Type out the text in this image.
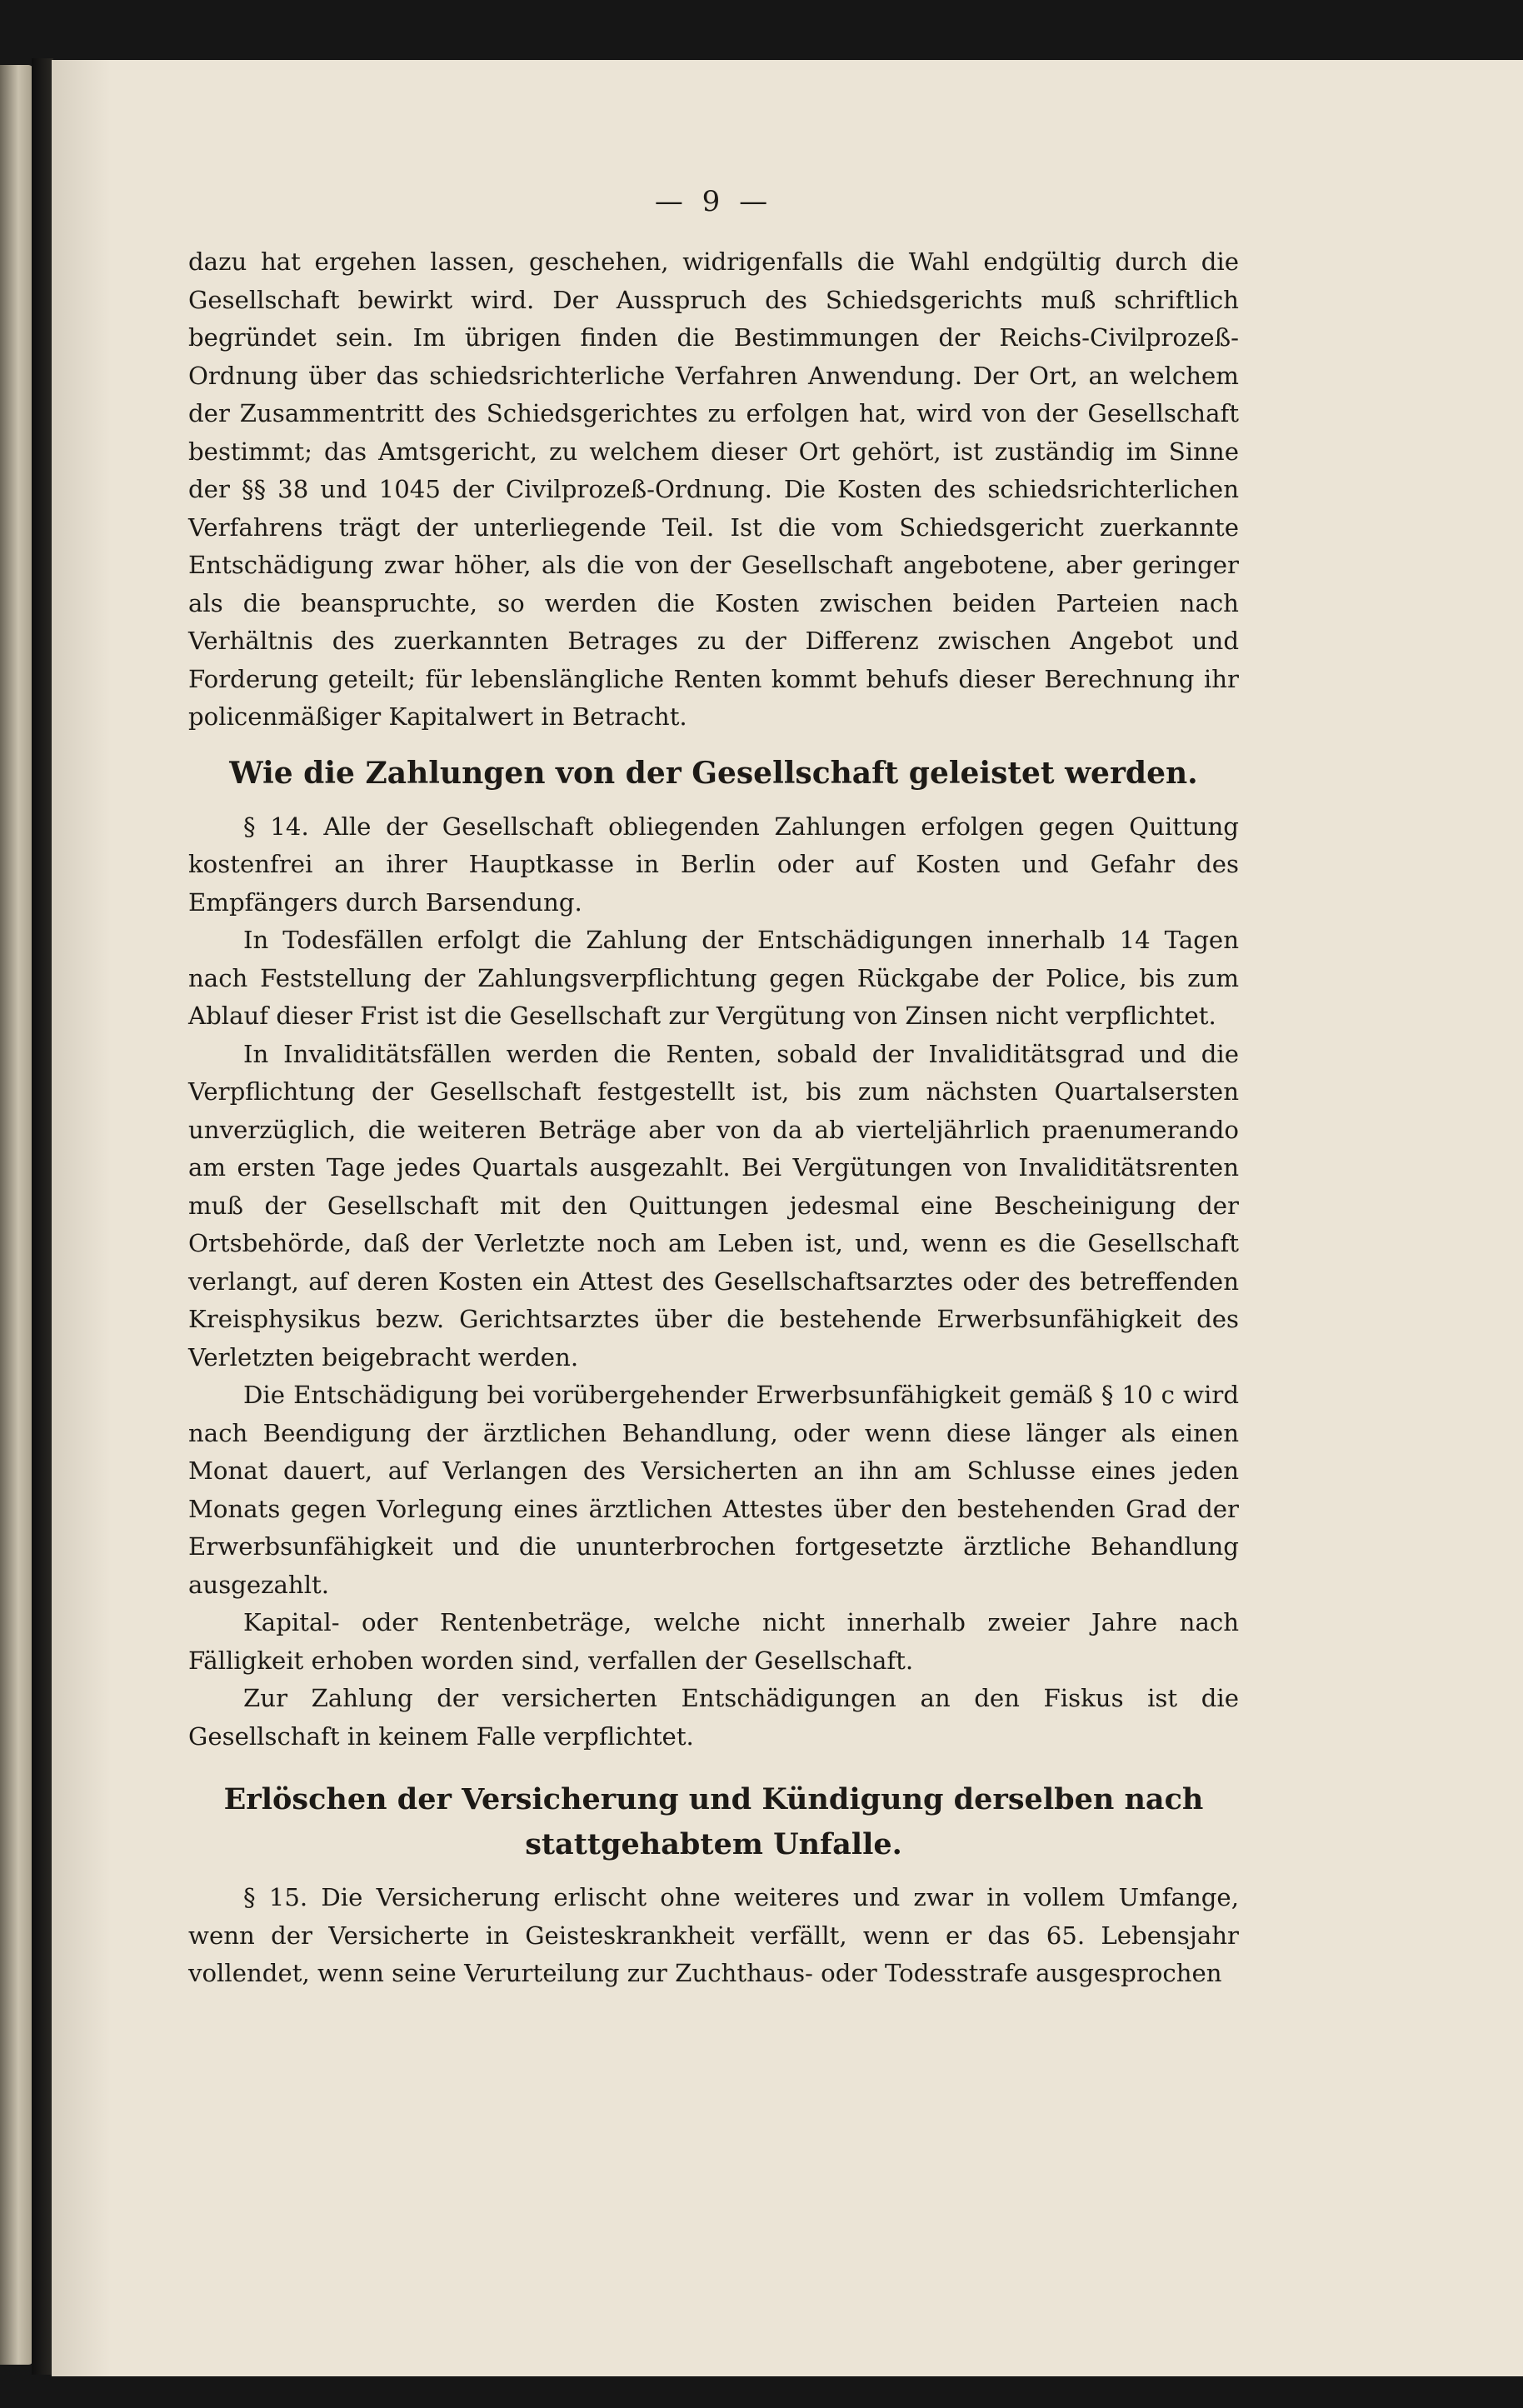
— 9 —

dazu hat ergehen lassen, geschehen, widrigenfalls die Wahl endgültig durch die Gesellschaft bewirkt wird. Der Ausspruch des Schiedsgerichts muß schriftlich begründet sein. Im übrigen finden die Bestimmungen der Reichs-Civilprozeß-Ordnung über das schiedsrichterliche Verfahren Anwendung. Der Ort, an welchem der Zusammentritt des Schiedsgerichtes zu erfolgen hat, wird von der Gesellschaft bestimmt; das Amtsgericht, zu welchem dieser Ort gehört, ist zuständig im Sinne der §§ 38 und 1045 der Civilprozeß-Ordnung. Die Kosten des schiedsrichterlichen Verfahrens trägt der unterliegende Teil. Ist die vom Schiedsgericht zuerkannte Entschädigung zwar höher, als die von der Gesellschaft angebotene, aber geringer als die beanspruchte, so werden die Kosten zwischen beiden Parteien nach Verhältnis des zuerkannten Betrages zu der Differenz zwischen Angebot und Forderung geteilt; für lebenslängliche Renten kommt behufs dieser Berechnung ihr policenmäßiger Kapitalwert in Betracht.

Wie die Zahlungen von der Gesellschaft geleistet werden.

§ 14. Alle der Gesellschaft obliegenden Zahlungen erfolgen gegen Quittung kostenfrei an ihrer Hauptkasse in Berlin oder auf Kosten und Gefahr des Empfängers durch Barsendung.

In Todesfällen erfolgt die Zahlung der Entschädigungen innerhalb 14 Tagen nach Feststellung der Zahlungsverpflichtung gegen Rückgabe der Police, bis zum Ablauf dieser Frist ist die Gesellschaft zur Vergütung von Zinsen nicht verpflichtet.

In Invaliditätsfällen werden die Renten, sobald der Invaliditätsgrad und die Verpflichtung der Gesellschaft festgestellt ist, bis zum nächsten Quartalsersten unverzüglich, die weiteren Beträge aber von da ab vierteljährlich praenumerando am ersten Tage jedes Quartals ausgezahlt. Bei Vergütungen von Invaliditätsrenten muß der Gesellschaft mit den Quittungen jedesmal eine Bescheinigung der Ortsbehörde, daß der Verletzte noch am Leben ist, und, wenn es die Gesellschaft verlangt, auf deren Kosten ein Attest des Gesellschaftsarztes oder des betreffenden Kreisphysikus bezw. Gerichtsarztes über die bestehende Erwerbsunfähigkeit des Verletzten beigebracht werden.

Die Entschädigung bei vorübergehender Erwerbsunfähigkeit gemäß § 10 c wird nach Beendigung der ärztlichen Behandlung, oder wenn diese länger als einen Monat dauert, auf Verlangen des Versicherten an ihn am Schlusse eines jeden Monats gegen Vorlegung eines ärztlichen Attestes über den bestehenden Grad der Erwerbsunfähigkeit und die ununterbrochen fortgesetzte ärztliche Behandlung ausgezahlt.

Kapital- oder Rentenbeträge, welche nicht innerhalb zweier Jahre nach Fälligkeit erhoben worden sind, verfallen der Gesellschaft.

Zur Zahlung der versicherten Entschädigungen an den Fiskus ist die Gesellschaft in keinem Falle verpflichtet.

Erlöschen der Versicherung und Kündigung derselben nach
stattgehabtem Unfalle.

§ 15. Die Versicherung erlischt ohne weiteres und zwar in vollem Umfange, wenn der Versicherte in Geisteskrankheit verfällt, wenn er das 65. Lebensjahr vollendet, wenn seine Verurteilung zur Zuchthaus- oder Todesstrafe ausgesprochen
